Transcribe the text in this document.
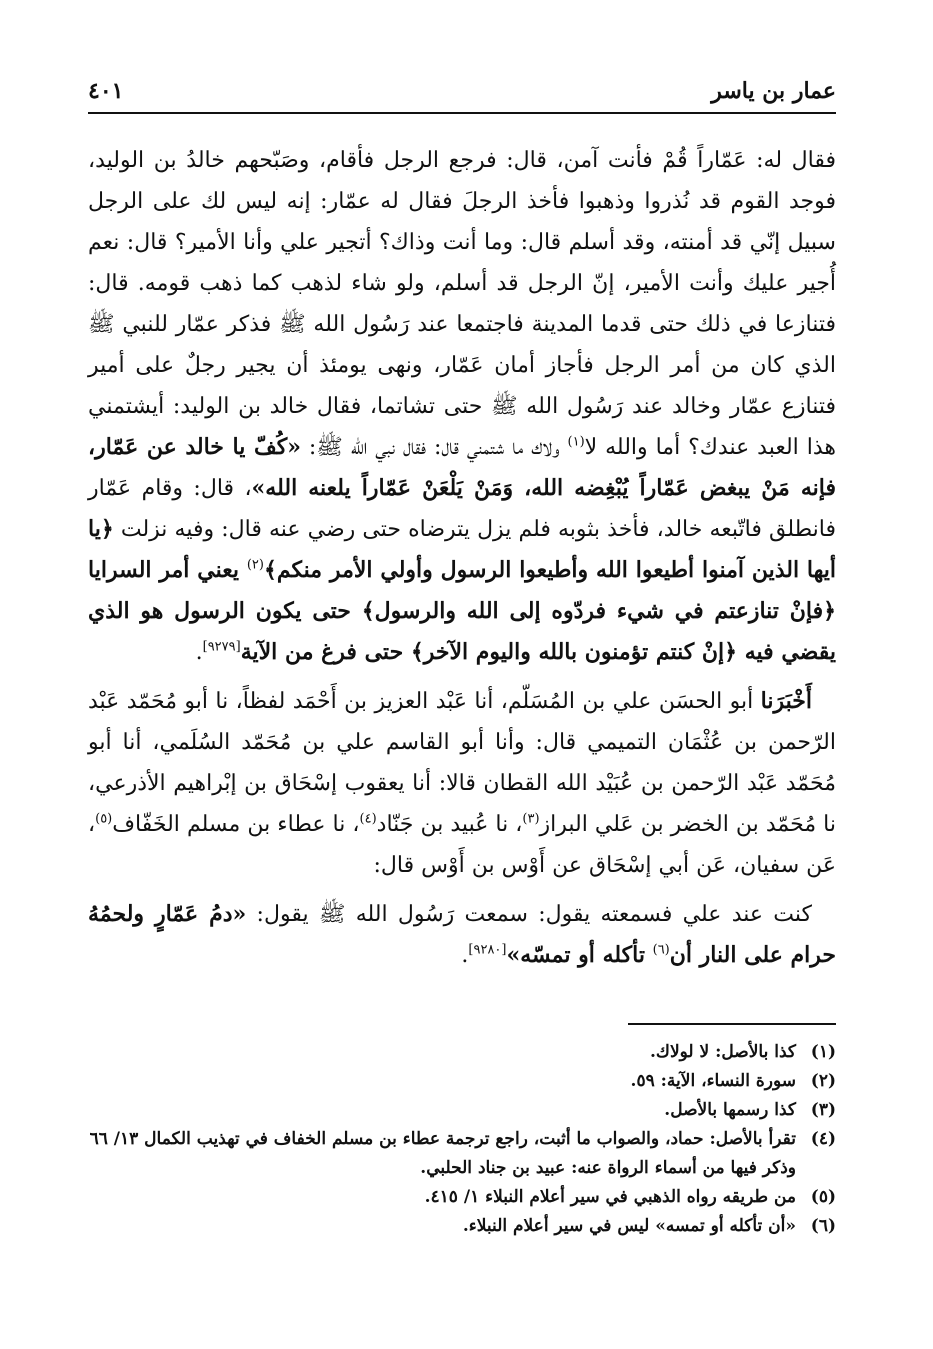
عمار بن ياسر
٤٠١

فقال له: عَمّاراً قُمْ فأنت آمن، قال: فرجع الرجل فأقام، وصَبّحهم خالدُ بن الوليد، فوجد القوم قد نُذروا وذهبوا فأخذ الرجلَ فقال له عمّار: إنه ليس لك على الرجل سبيل إنّي قد أمنته، وقد أسلم قال: وما أنت وذاك؟ أتجير علي وأنا الأمير؟ قال: نعم أُجير عليك وأنت الأمير، إنّ الرجل قد أسلم، ولو شاء لذهب كما ذهب قومه. قال: فتنازعا في ذلك حتى قدما المدينة فاجتمعا عند رَسُول الله ﷺ فذكر عمّار للنبي ﷺ الذي كان من أمر الرجل فأجاز أمان عَمّار، ونهى يومئذ أن يجير رجلٌ على أمير فتنازع عمّار وخالد عند رَسُول الله ﷺ حتى تشاتما، فقال خالد بن الوليد: أيشتمني هذا العبد عندك؟ أما والله لا$^{(١)}$ ولاك ما شتمني قال: فقال نبي الله ﷺ: «كُفّ يا خالد عن عَمّار، فإنه مَنْ يبغض عَمّاراً يُبْغِضه الله، وَمَنْ يَلْعَنْ عَمّاراً يلعنه الله»، قال: وقام عَمّار فانطلق فاتّبعه خالد، فأخذ بثوبه فلم يزل يترضاه حتى رضي عنه قال: وفيه نزلت ﴿يا أيها الذين آمنوا أطيعوا الله وأطيعوا الرسول وأولي الأمر منكم﴾$^{(٢)}$ يعني أمر السرايا ﴿فإنْ تنازعتم في شيء فردّوه إلى الله والرسول﴾ حتى يكون الرسول هو الذي يقضي فيه ﴿إنْ كنتم تؤمنون بالله واليوم الآخر﴾ حتى فرغ من الآية[٩٢٧٩].

أَخْبَرَنا أبو الحسَن علي بن المُسَلّم، أنا عَبْد العزيز بن أَحْمَد لفظاً، نا أبو مُحَمّد عَبْد الرّحمن بن عُثْمَان التميمي قال: وأنا أبو القاسم علي بن مُحَمّد السُلَمي، أنا أبو مُحَمّد عَبْد الرّحمن بن عُبَيْد الله القطان قالا: أنا يعقوب إسْحَاق بن إبْراهيم الأذرعي، نا مُحَمّد بن الخضر بن عَلي البراز$^{(٣)}$، نا عُبيد بن جَنّاد$^{(٤)}$، نا عطاء بن مسلم الخَفّاف$^{(٥)}$، عَن سفيان، عَن أبي إسْحَاق عن أَوْس بن أَوْس قال:

كنت عند علي فسمعته يقول: سمعت رَسُول الله ﷺ يقول: «دمُ عَمّارٍ ولحمُهُ حرام على النار أن$^{(٦)}$ تأكله أو تمسّه»[٩٢٨٠].

(١)
كذا بالأصل: لا لولاك.
(٢)
سورة النساء، الآية: ٥٩.
(٣)
كذا رسمها بالأصل.
(٤)
تقرأ بالأصل: حماد، والصواب ما أثبت، راجع ترجمة عطاء بن مسلم الخفاف في تهذيب الكمال ١٣/ ٦٦ وذكر فيها من أسماء الرواة عنه: عبيد بن جناد الحلبي.
(٥)
من طريقه رواه الذهبي في سير أعلام النبلاء ١/ ٤١٥.
(٦)
«أن تأكله أو تمسه» ليس في سير أعلام النبلاء.
